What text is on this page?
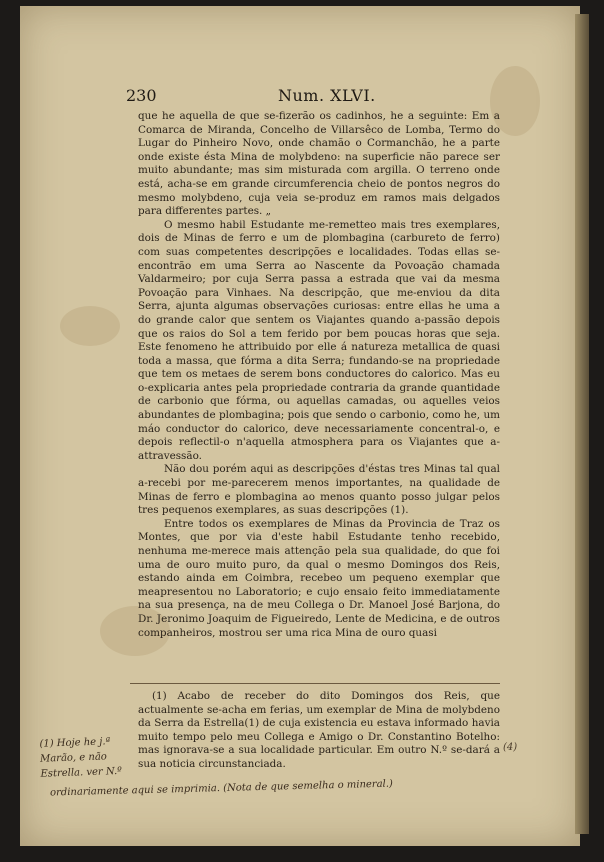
230	Num. XLVI.

que he aquella de que se-fizerão os cadinhos, he a seguinte: Em a Comarca de Miranda, Concelho de Villarsêco de Lomba, Termo do Lugar do Pinheiro Novo, onde chamão o Cormanchão, he a parte onde existe ésta Mina de molybdeno: na superficie não parece ser muito abundante; mas sim misturada com argilla. O terreno onde está, acha-se em grande circumferencia cheio de pontos negros do mesmo molybdeno, cuja veia se-produz em ramos mais delgados para differentes partes. „

O mesmo habil Estudante me-remetteo mais tres exemplares, dois de Minas de ferro e um de plombagina (carbureto de ferro) com suas competentes descripções e localidades. Todas ellas se-encontrão em uma Serra ao Nascente da Povoação chamada Valdarmeiro; por cuja Serra passa a estrada que vai da mesma Povoação para Vinhaes. Na descripção, que me-enviou da dita Serra, ajunta algumas observações curiosas: entre ellas he uma a do grande calor que sentem os Viajantes quando a-passão depois que os raios do Sol a tem ferido por bem poucas horas que seja. Este fenomeno he attribuido por elle á natureza metallica de quasi toda a massa, que fórma a dita Serra; fundando-se na propriedade que tem os metaes de serem bons conductores do calorico. Mas eu o-explicaria antes pela propriedade contraria da grande quantidade de carbonio que fórma, ou aquellas camadas, ou aquelles veios abundantes de plombagina; pois que sendo o carbonio, como he, um máo conductor do calorico, deve necessariamente concentral-o, e depois reflectil-o n'aquella atmosphera para os Viajantes que a-attravessão.

Não dou porém aqui as descripções d'éstas tres Minas tal qual a-recebi por me-parecerem menos importantes, na qualidade de Minas de ferro e plombagina ao menos quanto posso julgar pelos tres pequenos exemplares, as suas descripções (1).

Entre todos os exemplares de Minas da Provincia de Traz os Montes, que por via d'este habil Estudante tenho recebido, nenhuma me-merece mais attenção pela sua qualidade, do que foi uma de ouro muito puro, da qual o mesmo Domingos dos Reis, estando ainda em Coimbra, recebeo um pequeno exemplar que meapresentou no Laboratorio; e cujo ensaio feito immediatamente na sua presença, na de meu Collega o Dr. Manoel José Barjona, do Dr. Jeronimo Joaquim de Figueiredo, Lente de Medicina, e de outros companheiros, mostrou ser uma rica Mina de ouro quasi

(1) Acabo de receber do dito Domingos dos Reis, que actualmente se-acha em ferias, um exemplar de Mina de molybdeno da Serra da Estrella(1) de cuja existencia eu estava informado havia muito tempo pelo meu Collega e Amigo o Dr. Constantino Botelho: mas ignorava-se a sua localidade particular. Em outro N.º se-dará a sua noticia circunstanciada.
(1) Hoje he j.ª Marão, e não Estrella. ver N.º
ordinariamente aqui se imprimia. (Nota de que semelha o mineral.)
(4)
